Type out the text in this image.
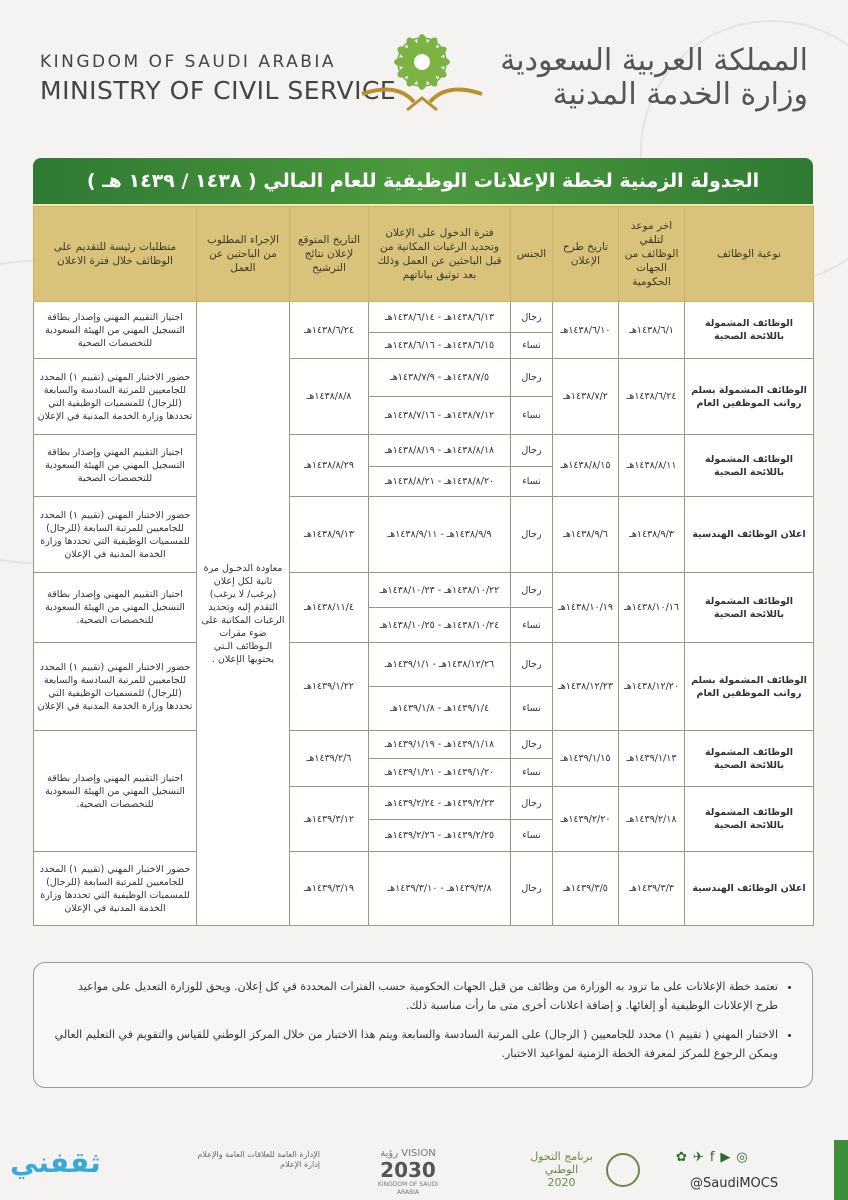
KINGDOM OF SAUDI ARABIA
MINISTRY OF CIVIL SERVICE
المملكة العربية السعودية
وزارة الخدمة المدنية
الجدولة الزمنية لخطة الإعلانات الوظيفية للعام المالي ( ١٤٣٨ / ١٤٣٩ هـ )
نوعية الوظائف	اخر موعد لتلقي الوظائف من الجهات الحكومية	تاريخ طرح الإعلان	الجنس	فترة الدخول على الإعلان وتحديد الرغبات المكانية من قبل الباحثين عن العمل وذلك بعد توثيق بياناتهم	التاريخ المتوقع لإعلان نتائج الترشيح	الإجراء المطلوب من الباحثين عن العمل	متطلبات رئيسة للتقديم على الوظائف خلال فترة الاعلان
الوظائف المشمولة باللائحة الصحية	١٤٣٨/٦/١هـ	١٤٣٨/٦/١٠هـ	رجال	١٤٣٨/٦/١٣هـ - ١٤٣٨/٦/١٤هـ	١٤٣٨/٦/٢٤هـ	معاودة الدخـول مرة ثانية لكل إعلان (يرغب/ لا يرغب) التقدم إليه وتحديد الرغبات المكانية على ضوء مقرات الـوظائف الـتي يحتويها الإعلان .	اجتياز التقييم المهني وإصدار بطاقة التسجيل المهني من الهيئة السعودية للتخصصات الصحية
			نساء	١٤٣٨/٦/١٥هـ - ١٤٣٨/٦/١٦هـ			
الوظائف المشمولة بسلم رواتب الموظفين العام	١٤٣٨/٦/٢٤هـ	١٤٣٨/٧/٢هـ	رجال	١٤٣٨/٧/٥هـ - ١٤٣٨/٧/٩هـ	١٤٣٨/٨/٨هـ		حضور الاختبار المهني (تقييم ١) المحدد للجامعيين للمرتبة السادسة والسابعة (للرجال) للمسميات الوظيفية التي تحددها وزارة الخدمة المدنية في الإعلان
			نساء	١٤٣٨/٧/١٢هـ - ١٤٣٨/٧/١٦هـ			
الوظائف المشمولة باللائحة الصحية	١٤٣٨/٨/١١هـ	١٤٣٨/٨/١٥هـ	رجال	١٤٣٨/٨/١٨هـ - ١٤٣٨/٨/١٩هـ	١٤٣٨/٨/٢٩هـ		اجتياز التقييم المهني وإصدار بطاقة التسجيل المهني من الهيئة السعودية للتخصصات الصحية
			نساء	١٤٣٨/٨/٢٠هـ - ١٤٣٨/٨/٢١هـ			
اعلان الوظائف الهندسية	١٤٣٨/٩/٣هـ	١٤٣٨/٩/٦هـ	رجال	١٤٣٨/٩/٩هـ - ١٤٣٨/٩/١١هـ	١٤٣٨/٩/١٣هـ		حضور الاختبار المهني (تقييم ١) المحدد للجامعيين للمرتبة السابعة (للرجال) للمسميات الوظيفية التي تحددها وزارة الخدمة المدنية في الإعلان
الوظائف المشمولة باللائحة الصحية	١٤٣٨/١٠/١٦هـ	١٤٣٨/١٠/١٩هـ	رجال	١٤٣٨/١٠/٢٢هـ - ١٤٣٨/١٠/٢٣هـ	١٤٣٨/١١/٤هـ		اجتياز التقييم المهني وإصدار بطاقة التسجيل المهني من الهيئة السعودية للتخصصات الصحية.
			نساء	١٤٣٨/١٠/٢٤هـ - ١٤٣٨/١٠/٢٥هـ			
الوظائف المشمولة بسلم رواتب الموظفين العام	١٤٣٨/١٢/٢٠هـ	١٤٣٨/١٢/٢٣هـ	رجال	١٤٣٨/١٢/٢٦هـ - ١٤٣٩/١/١هـ	١٤٣٩/١/٢٢هـ		حضور الاختبار المهني (تقييم ١) المحدد للجامعيين للمرتبة السادسة والسابعة (للرجال) للمسميات الوظيفية التي تحددها وزارة الخدمة المدنية في الإعلان
			نساء	١٤٣٩/١/٤هـ - ١٤٣٩/١/٨هـ			
الوظائف المشمولة باللائحة الصحية	١٤٣٩/١/١٣هـ	١٤٣٩/١/١٥هـ	رجال	١٤٣٩/١/١٨هـ - ١٤٣٩/١/١٩هـ	١٤٣٩/٢/٦هـ		اجتياز التقييم المهني وإصدار بطاقة التسجيل المهني من الهيئة السعودية للتخصصات الصحية.
			نساء	١٤٣٩/١/٢٠هـ - ١٤٣٩/١/٢١هـ			
الوظائف المشمولة باللائحة الصحية	١٤٣٩/٢/١٨هـ	١٤٣٩/٢/٢٠هـ	رجال	١٤٣٩/٢/٢٣هـ - ١٤٣٩/٢/٢٤هـ	١٤٣٩/٣/١٢هـ		
			نساء	١٤٣٩/٢/٢٥هـ - ١٤٣٩/٢/٢٦هـ			
اعلان الوظائف الهندسية	١٤٣٩/٣/٣هـ	١٤٣٩/٣/٥هـ	رجال	١٤٣٩/٣/٨هـ - ١٤٣٩/٣/١٠هـ	١٤٣٩/٣/١٩هـ		حضور الاختبار المهني (تقييم ١) المحدد للجامعيين للمرتبة السابعة (للرجال) للمسميات الوظيفية التي تحددها وزارة الخدمة المدنية في الإعلان
• تعتمد خطة الإعلانات على ما تزود به الوزارة من وظائف من قبل الجهات الحكومية حسب الفترات المحددة في كل إعلان. ويحق للوزارة التعديل على مواعيد طرح الإعلانات الوظيفية أو إلغائها. و إضافة اعلانات أخرى متى ما رأت مناسبة ذلك.
• الاختبار المهني ( تقييم ١) محدد للجامعيين ( الرجال) على المرتبة السادسة والسابعة ويتم هذا الاختبار من خلال المركز الوطني للقياس والتقويم في التعليم العالي ويمكن الرجوع للمركز لمعرفة الخطة الزمنية لمواعيد الاختبار.
ثقفني	الإدارة العامة للعلاقات العامة والإعلام إدارة الإعلام
رؤية VISION
2030
KINGDOM OF SAUDI ARABIA

برنامج التحول الوطني
2020
✿✈f▶◎
@SaudiMOCS
